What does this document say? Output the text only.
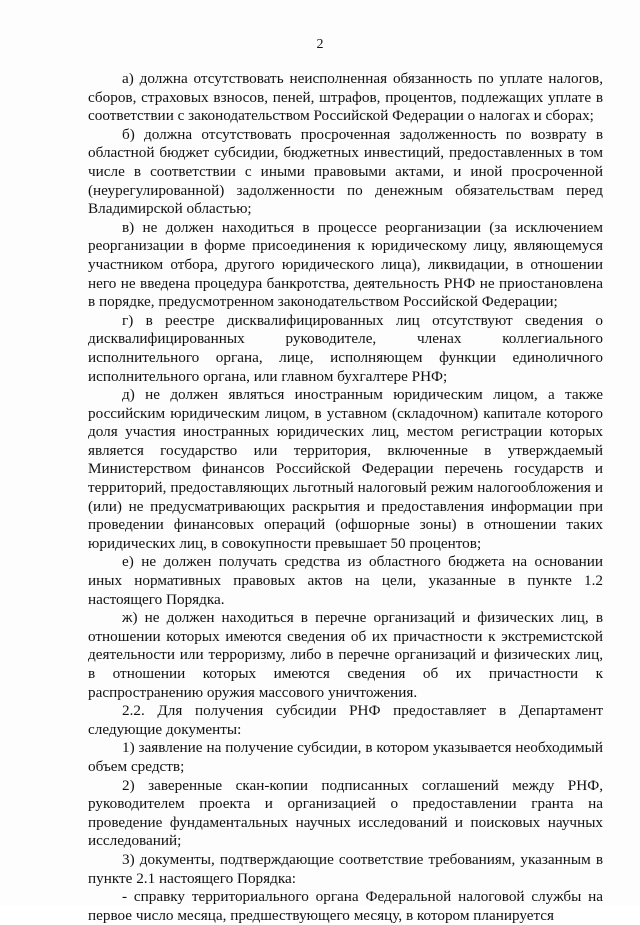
2

а) должна отсутствовать неисполненная обязанность по уплате налогов, сборов, страховых взносов, пеней, штрафов, процентов, подлежащих уплате в соответствии с законодательством Российской Федерации о налогах и сборах;

б) должна отсутствовать просроченная задолженность по возврату в областной бюджет субсидии, бюджетных инвестиций, предоставленных в том числе в соответствии с иными правовыми актами, и иной просроченной (неурегулированной) задолженности по денежным обязательствам перед Владимирской областью;

в) не должен находиться в процессе реорганизации (за исключением реорганизации в форме присоединения к юридическому лицу, являющемуся участником отбора, другого юридического лица), ликвидации, в отношении него не введена процедура банкротства, деятельность РНФ не приостановлена в порядке, предусмотренном законодательством Российской Федерации;

г) в реестре дисквалифицированных лиц отсутствуют сведения о дисквалифицированных руководителе, членах коллегиального исполнительного органа, лице, исполняющем функции единоличного исполнительного органа, или главном бухгалтере РНФ;

д) не должен являться иностранным юридическим лицом, а также российским юридическим лицом, в уставном (складочном) капитале которого доля участия иностранных юридических лиц, местом регистрации которых является государство или территория, включенные в утверждаемый Министерством финансов Российской Федерации перечень государств и территорий, предоставляющих льготный налоговый режим налогообложения и (или) не предусматривающих раскрытия и предоставления информации при проведении финансовых операций (офшорные зоны) в отношении таких юридических лиц, в совокупности превышает 50 процентов;

е) не должен получать средства из областного бюджета на основании иных нормативных правовых актов на цели, указанные в пункте 1.2 настоящего Порядка.

ж) не должен находиться в перечне организаций и физических лиц, в отношении которых имеются сведения об их причастности к экстремистской деятельности или терроризму, либо в перечне организаций и физических лиц, в отношении которых имеются сведения об их причастности к распространению оружия массового уничтожения.

2.2. Для получения субсидии РНФ предоставляет в Департамент следующие документы:

1) заявление на получение субсидии, в котором указывается необходимый объем средств;

2) заверенные скан-копии подписанных соглашений между РНФ, руководителем проекта и организацией о предоставлении гранта на проведение фундаментальных научных исследований и поисковых научных исследований;

3) документы, подтверждающие соответствие требованиям, указанным в пункте 2.1 настоящего Порядка:

- справку территориального органа Федеральной налоговой службы на первое число месяца, предшествующего месяцу, в котором планируется
